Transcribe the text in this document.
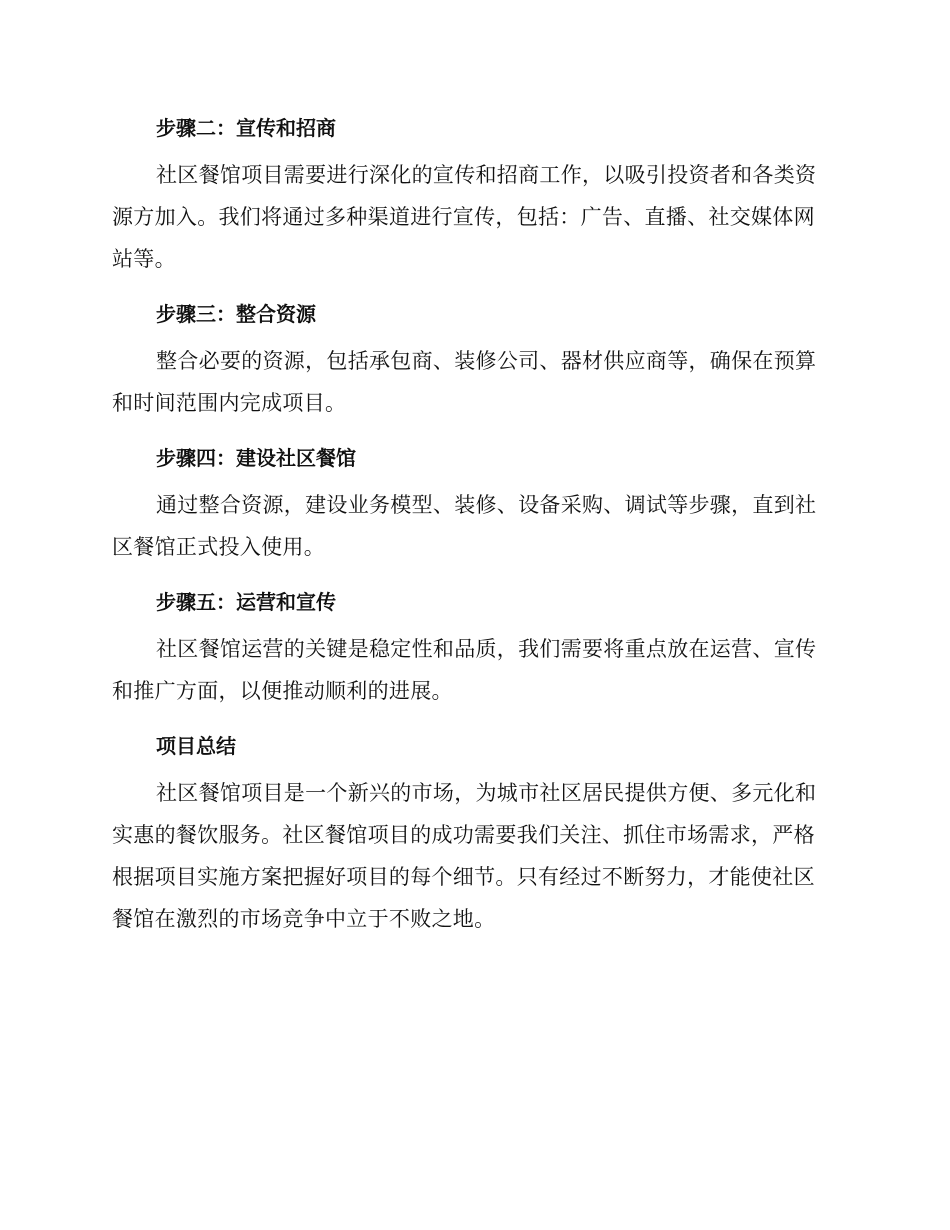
步骤二：宣传和招商

社区餐馆项目需要进行深化的宣传和招商工作，以吸引投资者和各类资源方加入。我们将通过多种渠道进行宣传，包括：广告、直播、社交媒体网站等。

步骤三：整合资源

整合必要的资源，包括承包商、装修公司、器材供应商等，确保在预算和时间范围内完成项目。

步骤四：建设社区餐馆

通过整合资源，建设业务模型、装修、设备采购、调试等步骤，直到社区餐馆正式投入使用。

步骤五：运营和宣传

社区餐馆运营的关键是稳定性和品质，我们需要将重点放在运营、宣传和推广方面，以便推动顺利的进展。

项目总结

社区餐馆项目是一个新兴的市场，为城市社区居民提供方便、多元化和实惠的餐饮服务。社区餐馆项目的成功需要我们关注、抓住市场需求，严格根据项目实施方案把握好项目的每个细节。只有经过不断努力，才能使社区餐馆在激烈的市场竞争中立于不败之地。
